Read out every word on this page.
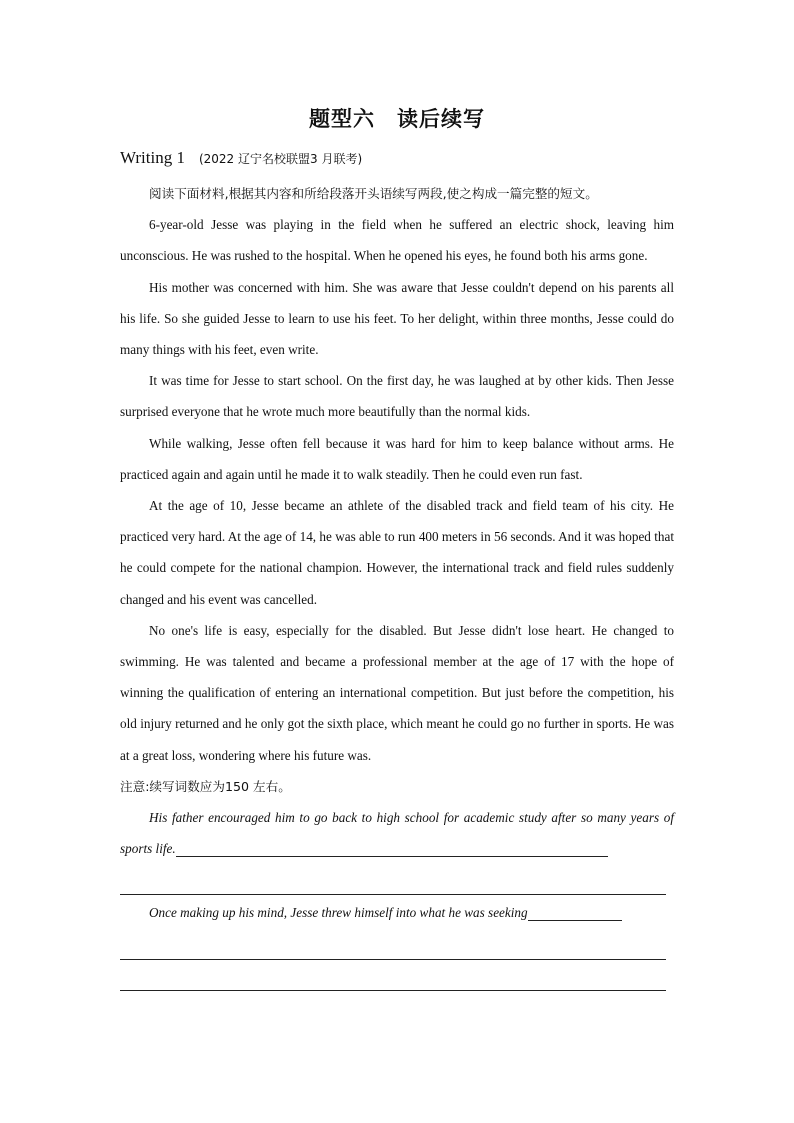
题型六　读后续写
Writing 1 (2022 辽宁名校联盟3 月联考)

阅读下面材料,根据其内容和所给段落开头语续写两段,使之构成一篇完整的短文。

6-year-old Jesse was playing in the field when he suffered an electric shock, leaving him unconscious. He was rushed to the hospital. When he opened his eyes, he found both his arms gone.

His mother was concerned with him. She was aware that Jesse couldn't depend on his parents all his life. So she guided Jesse to learn to use his feet. To her delight, within three months, Jesse could do many things with his feet, even write.

It was time for Jesse to start school. On the first day, he was laughed at by other kids. Then Jesse surprised everyone that he wrote much more beautifully than the normal kids.

While walking, Jesse often fell because it was hard for him to keep balance without arms. He practiced again and again until he made it to walk steadily. Then he could even run fast.

At the age of 10, Jesse became an athlete of the disabled track and field team of his city. He practiced very hard. At the age of 14, he was able to run 400 meters in 56 seconds. And it was hoped that he could compete for the national champion. However, the international track and field rules suddenly changed and his event was cancelled.

No one's life is easy, especially for the disabled. But Jesse didn't lose heart. He changed to swimming. He was talented and became a professional member at the age of 17 with the hope of winning the qualification of entering an international competition. But just before the competition, his old injury returned and he only got the sixth place, which meant he could go no further in sports. He was at a great loss, wondering where his future was.

注意:续写词数应为150 左右。

His father encouraged him to go back to high school for academic study after so many years of sports life.

Once making up his mind, Jesse threw himself into what he was seeking
